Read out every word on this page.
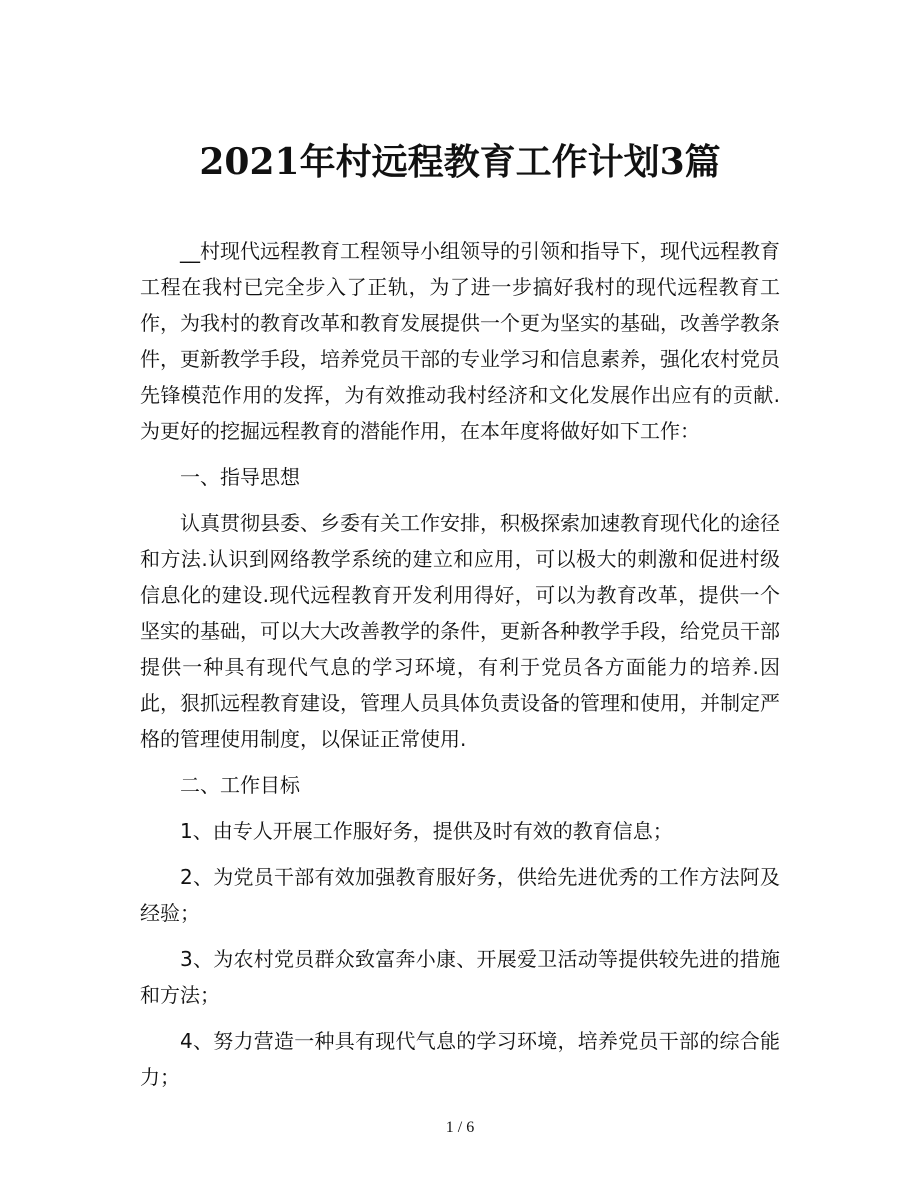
2021年村远程教育工作计划3篇

__村现代远程教育工程领导小组领导的引领和指导下，现代远程教育工程在我村已完全步入了正轨，为了进一步搞好我村的现代远程教育工作，为我村的教育改革和教育发展提供一个更为坚实的基础，改善学教条件，更新教学手段，培养党员干部的专业学习和信息素养，强化农村党员先锋模范作用的发挥，为有效推动我村经济和文化发展作出应有的贡献.为更好的挖掘远程教育的潜能作用，在本年度将做好如下工作：

一、指导思想

认真贯彻县委、乡委有关工作安排，积极探索加速教育现代化的途径和方法.认识到网络教学系统的建立和应用，可以极大的刺激和促进村级信息化的建设.现代远程教育开发利用得好，可以为教育改革，提供一个坚实的基础，可以大大改善教学的条件，更新各种教学手段，给党员干部提供一种具有现代气息的学习环境，有利于党员各方面能力的培养.因此，狠抓远程教育建设，管理人员具体负责设备的管理和使用，并制定严格的管理使用制度，以保证正常使用.

二、工作目标

1、由专人开展工作服好务，提供及时有效的教育信息；

2、为党员干部有效加强教育服好务，供给先进优秀的工作方法阿及经验；

3、为农村党员群众致富奔小康、开展爱卫活动等提供较先进的措施和方法；

4、努力营造一种具有现代气息的学习环境，培养党员干部的综合能力；

1 / 6
